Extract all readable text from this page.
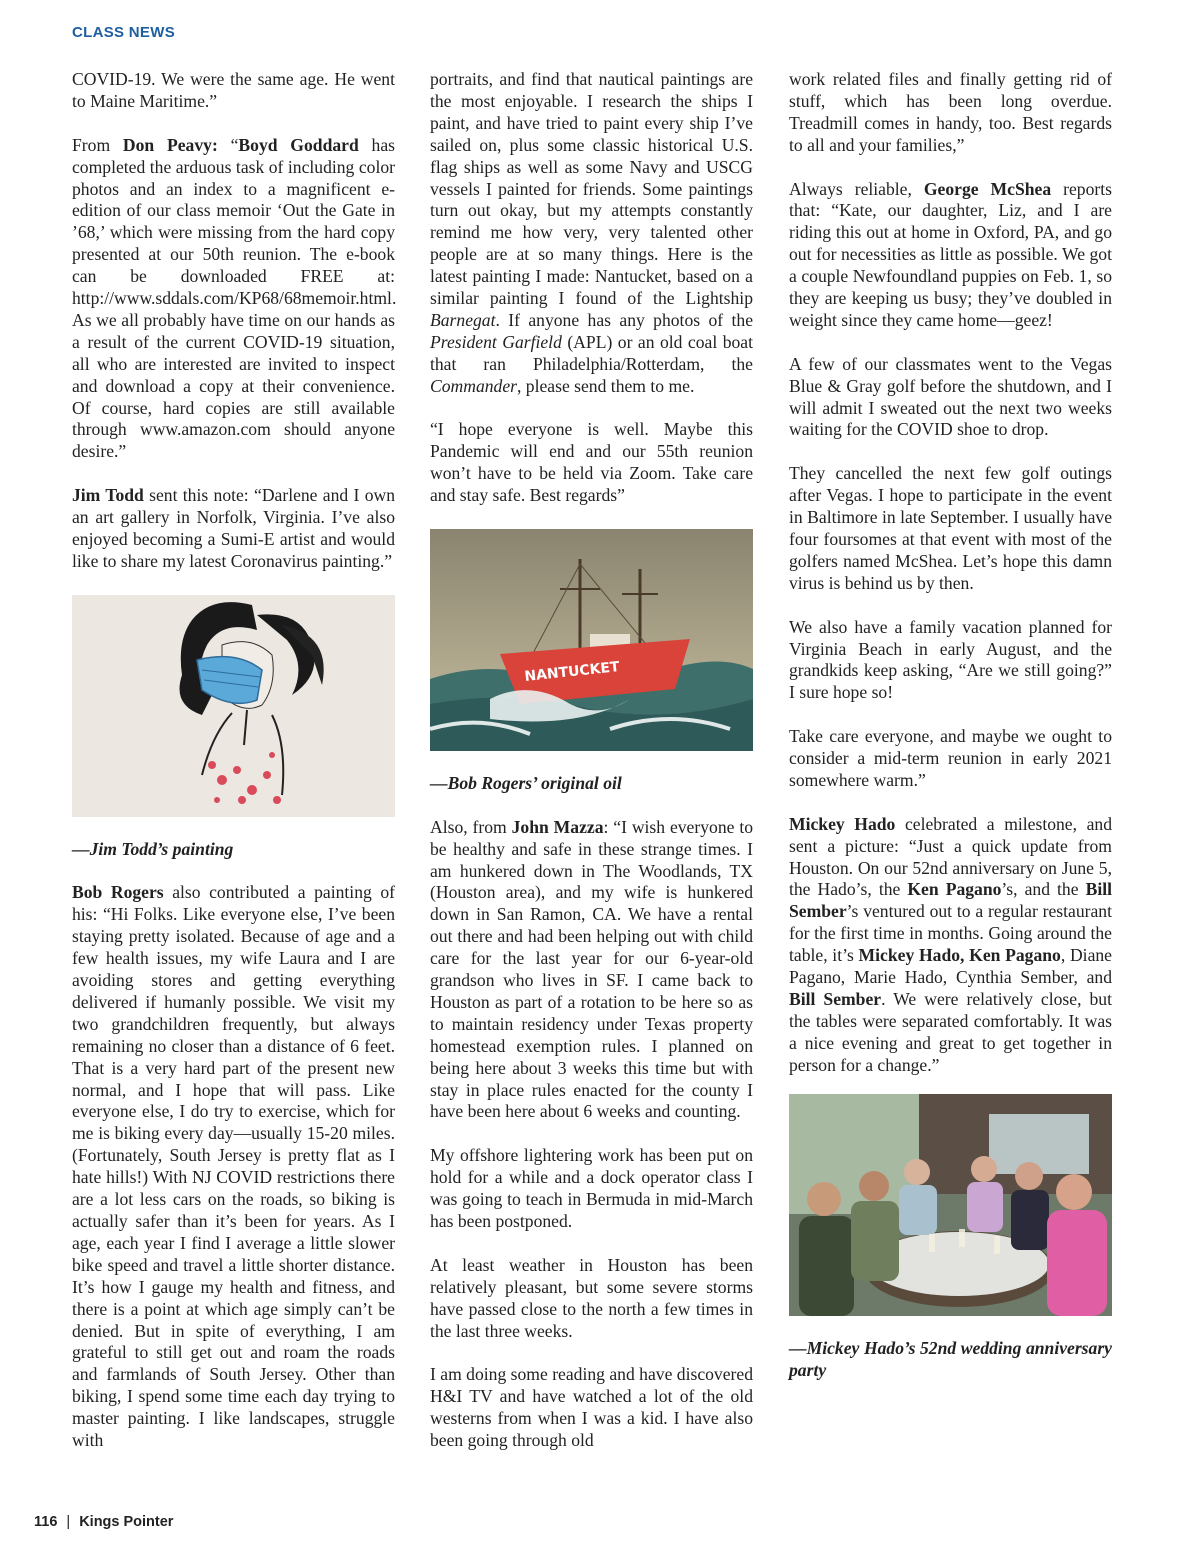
CLASS NEWS

COVID-19. We were the same age. He went to Maine Maritime.”

From Don Peavy: “Boyd Goddard has completed the arduous task of including color photos and an index to a magnificent e-edition of our class memoir ‘Out the Gate in ’68,’ which were missing from the hard copy presented at our 50th reunion. The e-book can be downloaded FREE at: http://www.sddals.com/KP68/68memoir.html. As we all probably have time on our hands as a result of the current COVID-19 situation, all who are interested are invited to inspect and download a copy at their convenience. Of course, hard copies are still available through www.amazon.com should anyone desire.”

Jim Todd sent this note: “Darlene and I own an art gallery in Norfolk, Virginia. I’ve also enjoyed becoming a Sumi-E artist and would like to share my latest Coronavirus painting.”

—Jim Todd’s painting

Bob Rogers also contributed a painting of his: “Hi Folks. Like everyone else, I’ve been staying pretty isolated. Because of age and a few health issues, my wife Laura and I are avoiding stores and getting everything delivered if humanly possible. We visit my two grandchildren frequently, but always remaining no closer than a distance of 6 feet. That is a very hard part of the present new normal, and I hope that will pass. Like everyone else, I do try to exercise, which for me is biking every day—usually 15-20 miles. (Fortunately, South Jersey is pretty flat as I hate hills!) With NJ COVID restrictions there are a lot less cars on the roads, so biking is actually safer than it’s been for years. As I age, each year I find I average a little slower bike speed and travel a little shorter distance. It’s how I gauge my health and fitness, and there is a point at which age simply can’t be denied. But in spite of everything, I am grateful to still get out and roam the roads and farmlands of South Jersey. Other than biking, I spend some time each day trying to master painting. I like landscapes, struggle with

portraits, and find that nautical paintings are the most enjoyable. I research the ships I paint, and have tried to paint every ship I’ve sailed on, plus some classic historical U.S. flag ships as well as some Navy and USCG vessels I painted for friends. Some paintings turn out okay, but my attempts constantly remind me how very, very talented other people are at so many things. Here is the latest painting I made: Nantucket, based on a similar painting I found of the Lightship Barnegat. If anyone has any photos of the President Garfield (APL) or an old coal boat that ran Philadelphia/Rotterdam, the Commander, please send them to me.

“I hope everyone is well. Maybe this Pandemic will end and our 55th reunion won’t have to be held via Zoom. Take care and stay safe. Best regards”

NANTUCKET

—Bob Rogers’ original oil

Also, from John Mazza: “I wish everyone to be healthy and safe in these strange times. I am hunkered down in The Woodlands, TX (Houston area), and my wife is hunkered down in San Ramon, CA. We have a rental out there and had been helping out with child care for the last year for our 6-year-old grandson who lives in SF. I came back to Houston as part of a rotation to be here so as to maintain residency under Texas property homestead exemption rules. I planned on being here about 3 weeks this time but with stay in place rules enacted for the county I have been here about 6 weeks and counting.

My offshore lightering work has been put on hold for a while and a dock operator class I was going to teach in Bermuda in mid-March has been postponed.

At least weather in Houston has been relatively pleasant, but some severe storms have passed close to the north a few times in the last three weeks.

I am doing some reading and have discovered H&I TV and have watched a lot of the old westerns from when I was a kid. I have also been going through old

work related files and finally getting rid of stuff, which has been long overdue. Treadmill comes in handy, too. Best regards to all and your families,”

Always reliable, George McShea reports that: “Kate, our daughter, Liz, and I are riding this out at home in Oxford, PA, and go out for necessities as little as possible. We got a couple Newfoundland puppies on Feb. 1, so they are keeping us busy; they’ve doubled in weight since they came home—geez!

A few of our classmates went to the Vegas Blue & Gray golf before the shutdown, and I will admit I sweated out the next two weeks waiting for the COVID shoe to drop.

They cancelled the next few golf outings after Vegas. I hope to participate in the event in Baltimore in late September. I usually have four foursomes at that event with most of the golfers named McShea. Let’s hope this damn virus is behind us by then.

We also have a family vacation planned for Virginia Beach in early August, and the grandkids keep asking, “Are we still going?” I sure hope so!

Take care everyone, and maybe we ought to consider a mid-term reunion in early 2021 somewhere warm.”

Mickey Hado celebrated a milestone, and sent a picture: “Just a quick update from Houston. On our 52nd anniversary on June 5, the Hado’s, the Ken Pagano’s, and the Bill Sember’s ventured out to a regular restaurant for the first time in months. Going around the table, it’s Mickey Hado, Ken Pagano, Diane Pagano, Marie Hado, Cynthia Sember, and Bill Sember. We were relatively close, but the tables were separated comfortably. It was a nice evening and great to get together in person for a change.”

—Mickey Hado’s 52nd wedding anniversary party

116 | Kings Pointer
